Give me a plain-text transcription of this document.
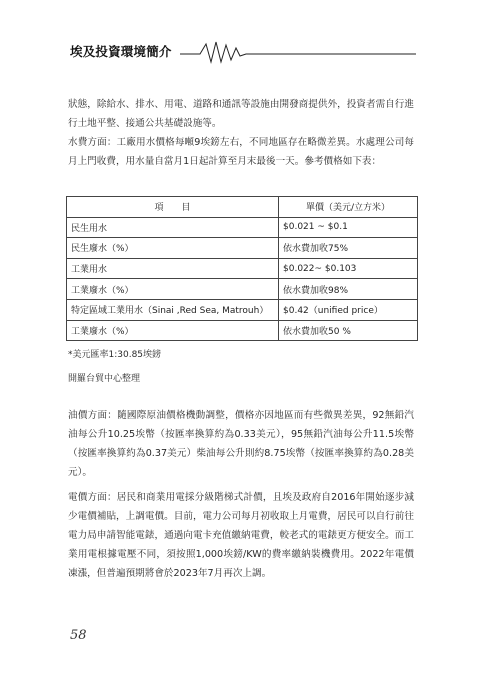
埃及投資環境簡介

狀態，除給水、排水、用電、道路和通訊等設施由開發商提供外，投資者需自行進行土地平整、接通公共基礎設施等。

水費方面：工廠用水價格每噸9埃鎊左右，不同地區存在略微差異。水處理公司每月上門收費，用水量自當月1日起計算至月末最後一天。參考價格如下表：

項　　目	單價（美元/立方米）
民生用水	$0.021 ~ $0.1
民生廢水（%）	依水費加收75%
工業用水	$0.022~ $0.103
工業廢水（%）	依水費加收98%
特定區域工業用水（Sinai ,Red Sea, Matrouh）	$0.42（unified price）
工業廢水（%）	依水費加收50 %
*美元匯率1:30.85埃鎊
開羅台貿中心整理

油價方面：隨國際原油價格機動調整，價格亦因地區而有些微異差異，92無鉛汽油每公升10.25埃幣（按匯率換算約為0.33美元），95無鉛汽油每公升11.5埃幣（按匯率換算約為0.37美元）柴油每公升則約8.75埃幣（按匯率換算約為0.28美元）。

電價方面：居民和商業用電採分級階梯式計價，且埃及政府自2016年開始逐步減少電價補貼，上調電價。目前，電力公司每月初收取上月電費，居民可以自行前往電力局申請智能電錶，通過向電卡充值繳納電費，較老式的電錶更方便安全。而工業用電根據電壓不同，須按照1,000埃鎊/KW的費率繳納裝機費用。2022年電價凍漲，但普遍預期將會於2023年7月再次上調。

58
